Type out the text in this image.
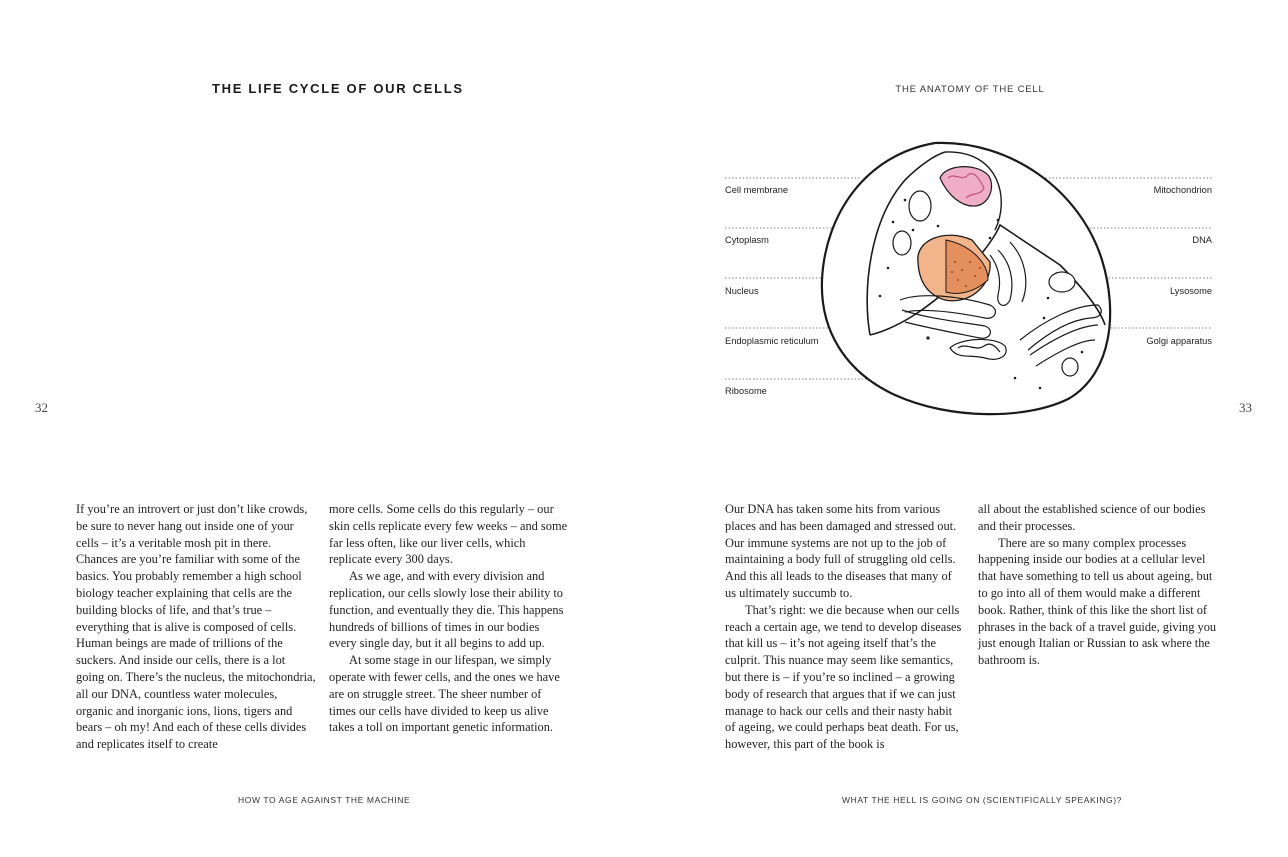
THE LIFE CYCLE OF OUR CELLS
32

If you’re an introvert or just don’t like crowds, be sure to never hang out inside one of your cells – it’s a veritable mosh pit in there. Chances are you’re familiar with some of the basics. You probably remember a high school biology teacher explaining that cells are the building blocks of life, and that’s true – everything that is alive is composed of cells. Human beings are made of trillions of the suckers. And inside our cells, there is a lot going on. There’s the nucleus, the mitochondria, all our DNA, countless water molecules, organic and inorganic ions, lions, tigers and bears – oh my! And each of these cells divides and replicates itself to create

more cells. Some cells do this regularly – our skin cells replicate every few weeks – and some far less often, like our liver cells, which replicate every 300 days.

As we age, and with every division and replication, our cells slowly lose their ability to function, and eventually they die. This happens hundreds of billions of times in our bodies every single day, but it all begins to add up.

At some stage in our lifespan, we simply operate with fewer cells, and the ones we have are on struggle street. The sheer number of times our cells have divided to keep us alive takes a toll on important genetic information.

HOW TO AGE AGAINST THE MACHINE
THE ANATOMY OF THE CELL
33
Cell membrane
Cytoplasm
Nucleus
Endoplasmic reticulum
Ribosome
Mitochondrion
DNA
Lysosome
Golgi apparatus

Our DNA has taken some hits from various places and has been damaged and stressed out. Our immune systems are not up to the job of maintaining a body full of struggling old cells. And this all leads to the diseases that many of us ultimately succumb to.

That’s right: we die because when our cells reach a certain age, we tend to develop diseases that kill us – it’s not ageing itself that’s the culprit. This nuance may seem like semantics, but there is – if you’re so inclined – a growing body of research that argues that if we can just manage to hack our cells and their nasty habit of ageing, we could perhaps beat death. For us, however, this part of the book is

all about the established science of our bodies and their processes.

There are so many complex processes happening inside our bodies at a cellular level that have something to tell us about ageing, but to go into all of them would make a different book. Rather, think of this like the short list of phrases in the back of a travel guide, giving you just enough Italian or Russian to ask where the bathroom is.

WHAT THE HELL IS GOING ON (SCIENTIFICALLY SPEAKING)?
